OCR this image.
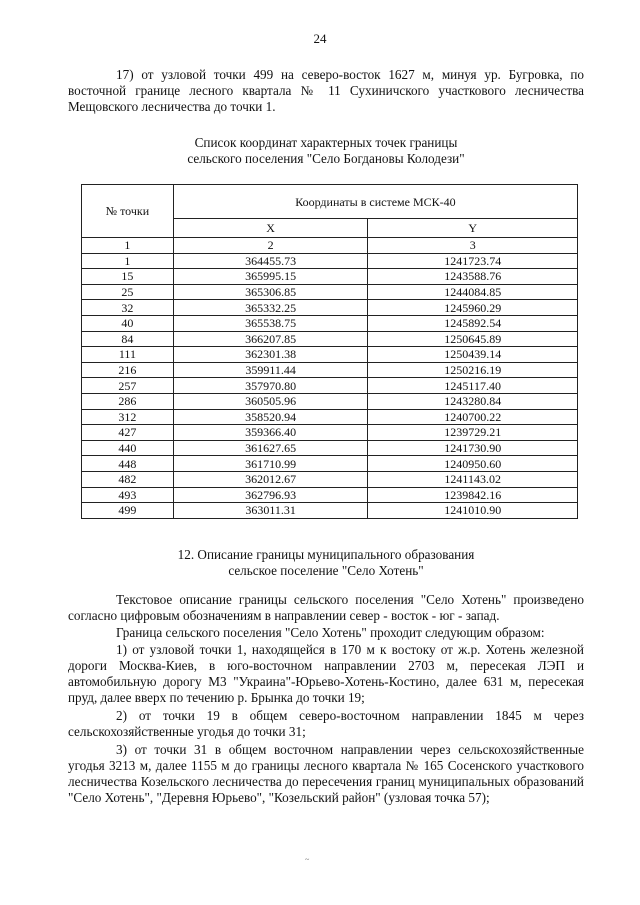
24

17) от узловой точки 499 на северо-восток 1627 м, минуя ур. Бугровка, по восточной границе лесного квартала № 11 Сухиничского участкового лесничества Мещовского лесничества до точки 1.

Список координат характерных точек границы

сельского поселения "Село Богдановы Колодези"

№ точки	Координаты в системе МСК-40	
	X	Y
1	2	3
1	364455.73	1241723.74
15	365995.15	1243588.76
25	365306.85	1244084.85
32	365332.25	1245960.29
40	365538.75	1245892.54
84	366207.85	1250645.89
111	362301.38	1250439.14
216	359911.44	1250216.19
257	357970.80	1245117.40
286	360505.96	1243280.84
312	358520.94	1240700.22
427	359366.40	1239729.21
440	361627.65	1241730.90
448	361710.99	1240950.60
482	362012.67	1241143.02
493	362796.93	1239842.16
499	363011.31	1241010.90

12. Описание границы муниципального образования

сельское поселение "Село Хотень"

Текстовое описание границы сельского поселения "Село Хотень" произведено согласно цифровым обозначениям в направлении север - восток - юг - запад.

Граница сельского поселения "Село Хотень" проходит следующим образом:

1) от узловой точки 1, находящейся в 170 м к востоку от ж.р. Хотень железной дороги Москва-Киев, в юго-восточном направлении 2703 м, пересекая ЛЭП и автомобильную дорогу М3 "Украина"-Юрьево-Хотень-Костино, далее 631 м, пересекая пруд, далее вверх по течению р. Брынка до точки 19;

2) от точки 19 в общем северо-восточном направлении 1845 м через сельскохозяйственные угодья до точки 31;

3) от точки 31 в общем восточном направлении через сельскохозяйственные угодья 3213 м, далее 1155 м до границы лесного квартала № 165 Сосенского участкового лесничества Козельского лесничества до пересечения границ муниципальных образований "Село Хотень", "Деревня Юрьево", "Козельский район" (узловая точка 57);

~
